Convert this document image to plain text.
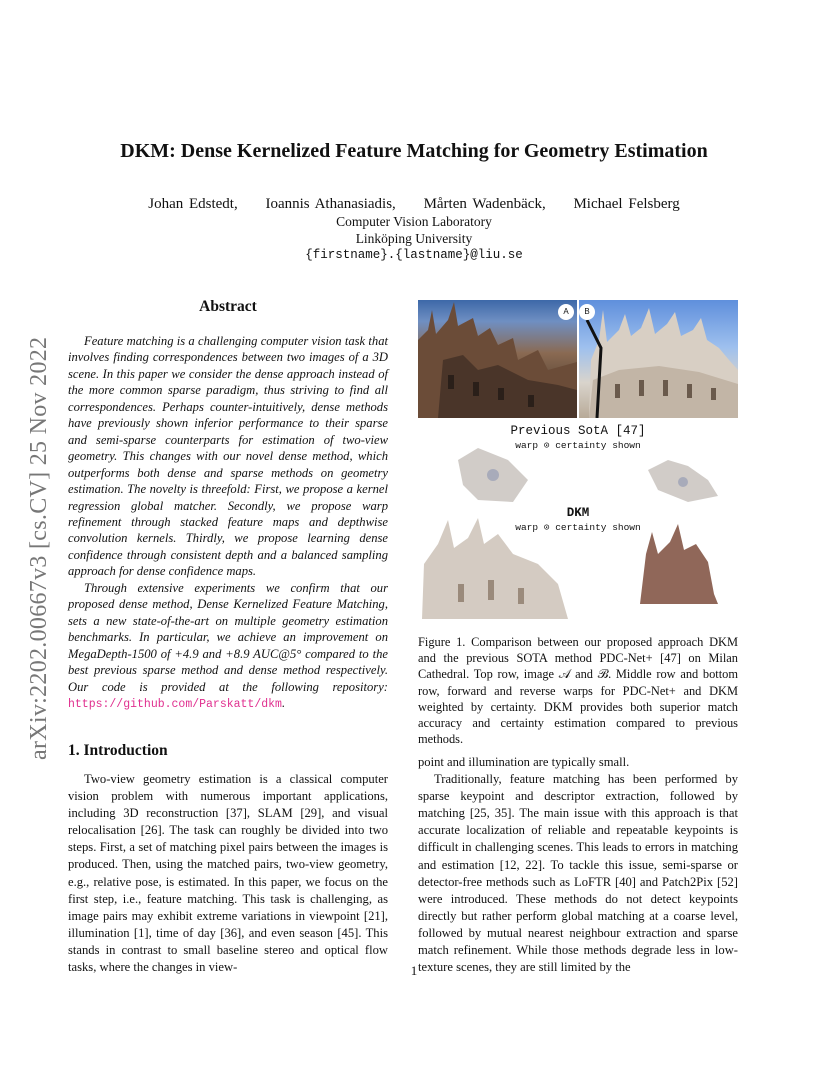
arXiv:2202.00667v3 [cs.CV] 25 Nov 2022
DKM: Dense Kernelized Feature Matching for Geometry Estimation
Johan Edstedt, Ioannis Athanasiadis, Mårten Wadenbäck, Michael Felsberg
Computer Vision Laboratory
Linköping University
{firstname}.{lastname}@liu.se
Abstract

Feature matching is a challenging computer vision task that involves finding correspondences between two images of a 3D scene. In this paper we consider the dense approach instead of the more common sparse paradigm, thus striving to find all correspondences. Perhaps counter-intuitively, dense methods have previously shown inferior performance to their sparse and semi-sparse counterparts for estimation of two-view geometry. This changes with our novel dense method, which outperforms both dense and sparse methods on geometry estimation. The novelty is threefold: First, we propose a kernel regression global matcher. Secondly, we propose warp refinement through stacked feature maps and depthwise convolution kernels. Thirdly, we propose learning dense confidence through consistent depth and a balanced sampling approach for dense confidence maps.

Through extensive experiments we confirm that our proposed dense method, Dense Kernelized Feature Matching, sets a new state-of-the-art on multiple geometry estimation benchmarks. In particular, we achieve an improvement on MegaDepth-1500 of +4.9 and +8.9 AUC@5° compared to the best previous sparse method and dense method respectively. Our code is provided at the following repository: https://github.com/Parskatt/dkm.

A	B
Previous SotA [47]
warp ⊙ certainty shown
DKM
warp ⊙ certainty shown
Figure 1. Comparison between our proposed approach DKM and the previous SOTA method PDC-Net+ [47] on Milan Cathedral. Top row, image 𝒜 and ℬ. Middle row and bottom row, forward and reverse warps for PDC-Net+ and DKM weighted by certainty. DKM provides both superior match accuracy and certainty estimation compared to previous methods.
1. Introduction

Two-view geometry estimation is a classical computer vision problem with numerous important applications, including 3D reconstruction [37], SLAM [29], and visual relocalisation [26]. The task can roughly be divided into two steps. First, a set of matching pixel pairs between the images is produced. Then, using the matched pairs, two-view geometry, e.g., relative pose, is estimated. In this paper, we focus on the first step, i.e., feature matching. This task is challenging, as image pairs may exhibit extreme variations in viewpoint [21], illumination [1], time of day [36], and even season [45]. This stands in contrast to small baseline stereo and optical flow tasks, where the changes in view-

point and illumination are typically small.

Traditionally, feature matching has been performed by sparse keypoint and descriptor extraction, followed by matching [25, 35]. The main issue with this approach is that accurate localization of reliable and repeatable keypoints is difficult in challenging scenes. This leads to errors in matching and estimation [12, 22]. To tackle this issue, semi-sparse or detector-free methods such as LoFTR [40] and Patch2Pix [52] were introduced. These methods do not detect keypoints directly but rather perform global matching at a coarse level, followed by mutual nearest neighbour extraction and sparse match refinement. While those methods degrade less in low-texture scenes, they are still limited by the

1
